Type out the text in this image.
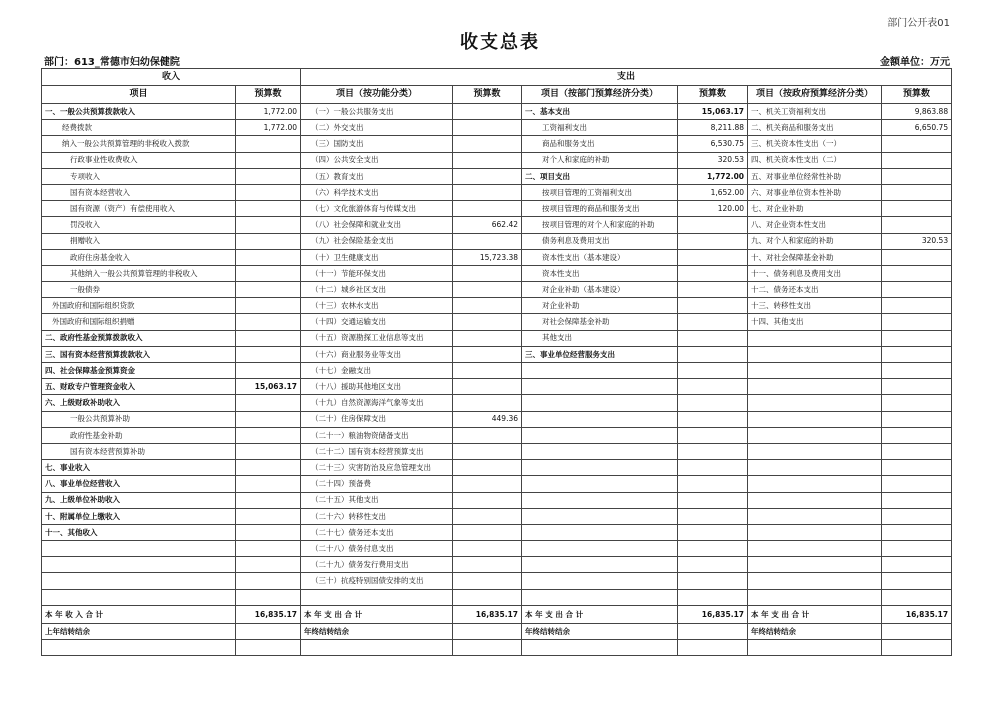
部门公开表01
收支总表
部门：613_常德市妇幼保健院	金额单位：万元
收入		支出					
项目	预算数	项目（按功能分类）	预算数	项目（按部门预算经济分类）	预算数	项目（按政府预算经济分类）	预算数
一、一般公共预算拨款收入	1,772.00	（一）一般公共服务支出		一、基本支出	15,063.17	一、机关工资福利支出	9,863.88
经费拨款	1,772.00	（二）外交支出		工资福利支出	8,211.88	二、机关商品和服务支出	6,650.75
纳入一般公共预算管理的非税收入拨款		（三）国防支出		商品和服务支出	6,530.75	三、机关资本性支出（一）	
行政事业性收费收入		（四）公共安全支出		对个人和家庭的补助	320.53	四、机关资本性支出（二）	
专项收入		（五）教育支出		二、项目支出	1,772.00	五、对事业单位经常性补助	
国有资本经营收入		（六）科学技术支出		按项目管理的工资福利支出	1,652.00	六、对事业单位资本性补助	
国有资源（资产）有偿使用收入		（七）文化旅游体育与传媒支出		按项目管理的商品和服务支出	120.00	七、对企业补助	
罚没收入		（八）社会保障和就业支出	662.42	按项目管理的对个人和家庭的补助		八、对企业资本性支出	
捐赠收入		（九）社会保险基金支出		债务利息及费用支出		九、对个人和家庭的补助	320.53
政府住房基金收入		（十）卫生健康支出	15,723.38	资本性支出（基本建设）		十、对社会保障基金补助	
其他纳入一般公共预算管理的非税收入		（十一）节能环保支出		资本性支出		十一、债务利息及费用支出	
一般债券		（十二）城乡社区支出		对企业补助（基本建设）		十二、债务还本支出	
外国政府和国际组织贷款		（十三）农林水支出		对企业补助		十三、转移性支出	
外国政府和国际组织捐赠		（十四）交通运输支出		对社会保障基金补助		十四、其他支出	
二、政府性基金预算拨款收入		（十五）资源勘探工业信息等支出		其他支出			
三、国有资本经营预算拨款收入		（十六）商业服务业等支出		三、事业单位经营服务支出			
四、社会保障基金预算资金		（十七）金融支出					
五、财政专户管理资金收入	15,063.17	（十八）援助其他地区支出					
六、上级财政补助收入		（十九）自然资源海洋气象等支出					
一般公共预算补助		（二十）住房保障支出	449.36				
政府性基金补助		（二十一）粮油物资储备支出					
国有资本经营预算补助		（二十二）国有资本经营预算支出					
七、事业收入		（二十三）灾害防治及应急管理支出					
八、事业单位经营收入		（二十四）预备费					
九、上级单位补助收入		（二十五）其他支出					
十、附属单位上缴收入		（二十六）转移性支出					
十一、其他收入		（二十七）债务还本支出					
		（二十八）债务付息支出					
		（二十九）债务发行费用支出					
		（三十）抗疫特别国债安排的支出					

本 年 收 入 合 计	16,835.17	本 年 支 出 合 计	16,835.17	本 年 支 出 合 计	16,835.17	本 年 支 出 合 计	16,835.17
上年结转结余		年终结转结余		年终结转结余		年终结转结余	
